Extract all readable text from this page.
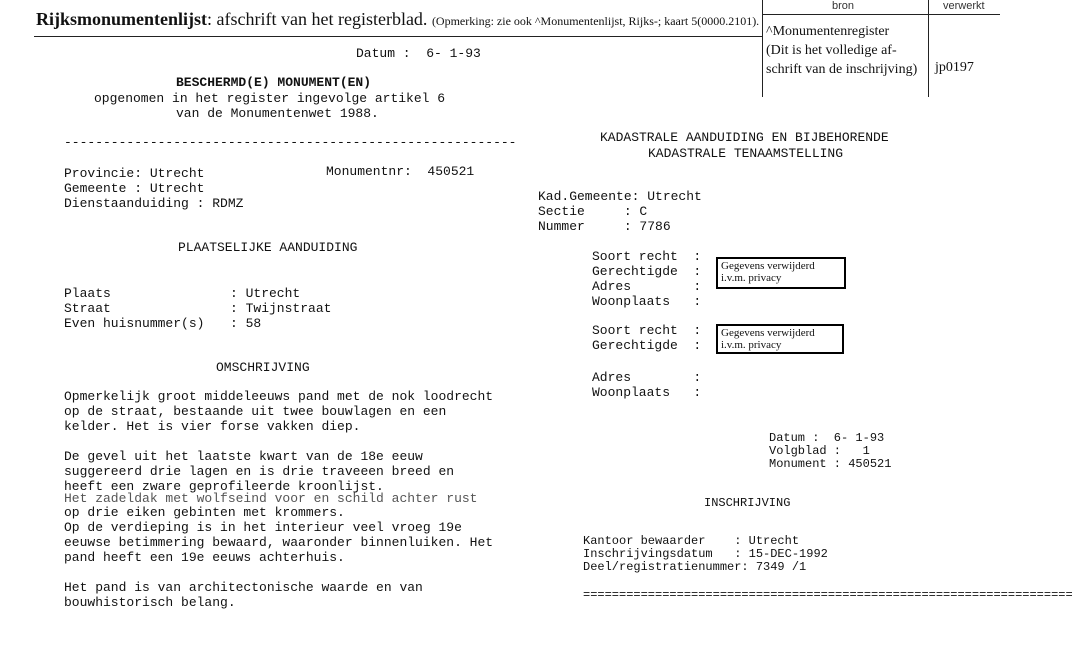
Rijksmonumentenlijst: afschrift van het registerblad. (Opmerking: zie ook ^Monumentenlijst, Rijks-; kaart 5(0000.2101).
bron	verwerkt
^Monumentenregister
(Dit is het volledige af-
schrift van de inschrijving) jp0197
Datum :  6- 1-93
BESCHERMD(E) MONUMENT(EN)
opgenomen in het register ingevolge artikel 6
van de Monumentenwet 1988.
----------------------------------------------------------
Provincie: Utrecht	Monumentnr:  450521
Gemeente : Utrecht
Dienstaanduiding : RDMZ
PLAATSELIJKE AANDUIDING
Plaats
Straat
Even huisnummer(s)
: Utrecht
: Twijnstraat
: 58
OMSCHRIJVING
Opmerkelijk groot middeleeuws pand met de nok loodrecht
op de straat, bestaande uit twee bouwlagen en een
kelder. Het is vier forse vakken diep.
De gevel uit het laatste kwart van de 18e eeuw
suggereerd drie lagen en is drie traveeen breed en
heeft een zware geprofileerde kroonlijst.
Het zadeldak met wolfseind voor en schild achter rust
op drie eiken gebinten met krommers.
Op de verdieping is in het interieur veel vroeg 19e
eeuwse betimmering bewaard, waaronder binnenluiken. Het
pand heeft een 19e eeuws achterhuis.
Het pand is van architectonische waarde en van
bouwhistorisch belang.
KADASTRALE AANDUIDING EN BIJBEHORENDE
KADASTRALE TENAAMSTELLING
Kad.Gemeente: Utrecht
Sectie     : C
Nummer     : 7786
Soort recht  :
Gerechtigde  :
Adres        :
Woonplaats   :
Gegevens verwijderd i.v.m. privacy
Soort recht  :
Gerechtigde  :
Gegevens verwijderd i.v.m. privacy
Adres        :
Woonplaats   :
Datum :  6- 1-93
Volgblad :   1
Monument : 450521
INSCHRIJVING
Kantoor bewaarder    : Utrecht
Inschrijvingsdatum   : 15-DEC-1992
Deel/registratienummer: 7349 /1
====================================================================
